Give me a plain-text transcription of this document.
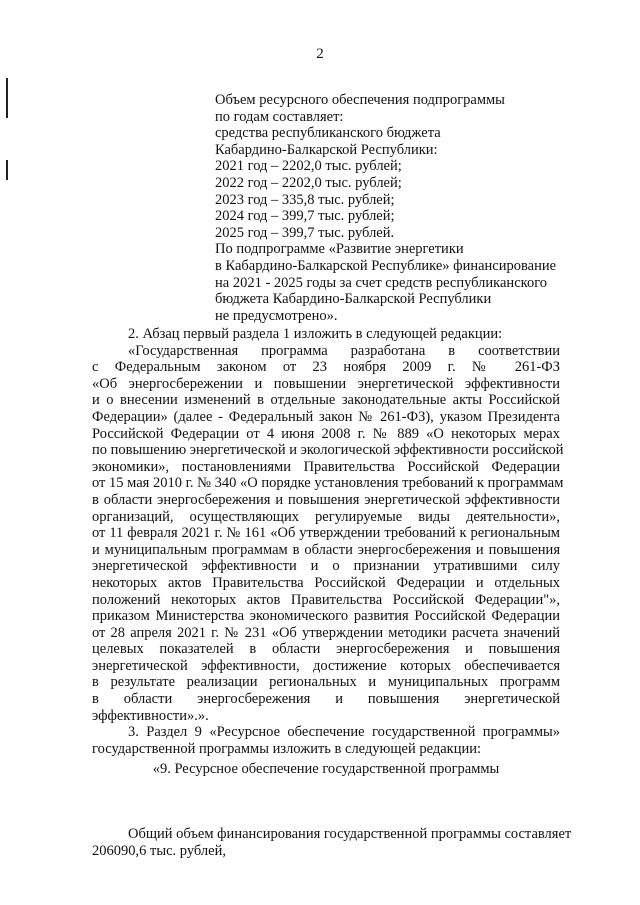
2
Объем ресурсного обеспечения подпрограммы
по годам составляет:
средства республиканского бюджета
Кабардино-Балкарской Республики:
2021 год – 2202,0 тыс. рублей;
2022 год – 2202,0 тыс. рублей;
2023 год – 335,8 тыс. рублей;
2024 год – 399,7 тыс. рублей;
2025 год – 399,7 тыс. рублей.
По подпрограмме «Развитие энергетики
в Кабардино-Балкарской Республике» финансирование
на 2021 - 2025 годы за счет средств республиканского
бюджета Кабардино-Балкарской Республики
не предусмотрено».
2. Абзац первый раздела 1 изложить в следующей редакции:
«Государственная программа разработана в соответствии
с Федеральным законом от 23 ноября 2009 г. № 261-ФЗ
«Об энергосбережении и повышении энергетической эффективности
и о внесении изменений в отдельные законодательные акты Российской
Федерации» (далее - Федеральный закон № 261-ФЗ), указом Президента
Российской Федерации от 4 июня 2008 г. № 889 «О некоторых мерах
по повышению энергетической и экологической эффективности российской
экономики», постановлениями Правительства Российской Федерации
от 15 мая 2010 г. № 340 «О порядке установления требований к программам
в области энергосбережения и повышения энергетической эффективности
организаций, осуществляющих регулируемые виды деятельности»,
от 11 февраля 2021 г. № 161 «Об утверждении требований к региональным
и муниципальным программам в области энергосбережения и повышения
энергетической эффективности и о признании утратившими силу
некоторых актов Правительства Российской Федерации и отдельных
положений некоторых актов Правительства Российской Федерации"»,
приказом Министерства экономического развития Российской Федерации
от 28 апреля 2021 г. № 231 «Об утверждении методики расчета значений
целевых показателей в области энергосбережения и повышения
энергетической эффективности, достижение которых обеспечивается
в результате реализации региональных и муниципальных программ
в области энергосбережения и повышения энергетической
эффективности».».
3. Раздел 9 «Ресурсное обеспечение государственной программы»
государственной программы изложить в следующей редакции:
«9. Ресурсное обеспечение государственной программы
Общий объем финансирования государственной программы составляет
206090,6 тыс. рублей,
